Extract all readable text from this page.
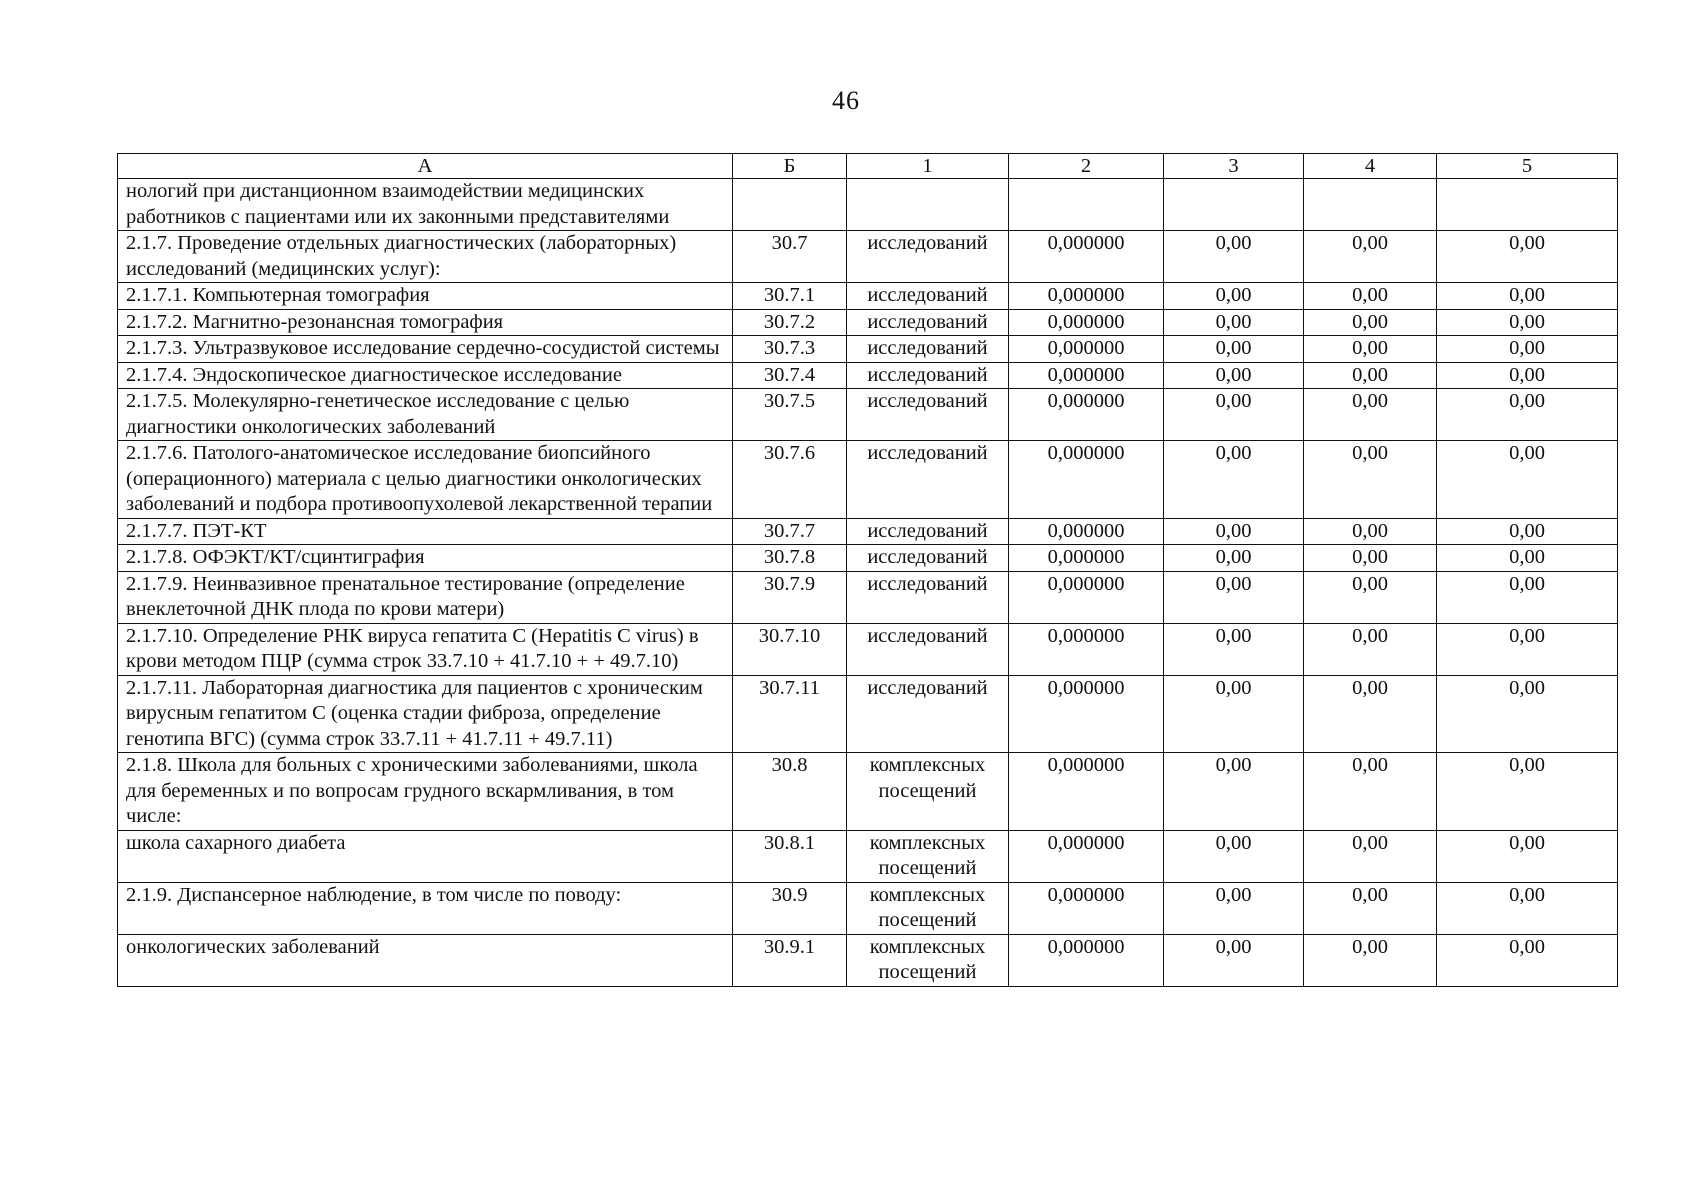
46
А	Б	1	2	3	4	5
нологий при дистанционном взаимодействии медицинских работников с пациентами или их законными представителями						
2.1.7. Проведение отдельных диагностических (лабораторных) исследований (медицинских услуг):	30.7	исследований	0,000000	0,00	0,00	0,00
2.1.7.1. Компьютерная томография	30.7.1	исследований	0,000000	0,00	0,00	0,00
2.1.7.2. Магнитно-резонансная томография	30.7.2	исследований	0,000000	0,00	0,00	0,00
2.1.7.3. Ультразвуковое исследование сердечно-сосудистой системы	30.7.3	исследований	0,000000	0,00	0,00	0,00
2.1.7.4. Эндоскопическое диагностическое исследование	30.7.4	исследований	0,000000	0,00	0,00	0,00
2.1.7.5. Молекулярно-генетическое исследование с целью диагностики онкологических заболеваний	30.7.5	исследований	0,000000	0,00	0,00	0,00
2.1.7.6. Патолого-анатомическое исследование биопсийного (операционного) материала с целью диагностики онкологических заболеваний и подбора противоопухолевой лекарственной терапии	30.7.6	исследований	0,000000	0,00	0,00	0,00
2.1.7.7. ПЭТ-КТ	30.7.7	исследований	0,000000	0,00	0,00	0,00
2.1.7.8. ОФЭКТ/КТ/сцинтиграфия	30.7.8	исследований	0,000000	0,00	0,00	0,00
2.1.7.9. Неинвазивное пренатальное тестирование (определение внеклеточной ДНК плода по крови матери)	30.7.9	исследований	0,000000	0,00	0,00	0,00
2.1.7.10. Определение РНК вируса гепатита С (Hepatitis C virus) в крови методом ПЦР (сумма строк 33.7.10 + 41.7.10 + + 49.7.10)	30.7.10	исследований	0,000000	0,00	0,00	0,00
2.1.7.11. Лабораторная диагностика для пациентов с хроническим вирусным гепатитом С (оценка стадии фиброза, определение генотипа ВГС) (сумма строк 33.7.11 + 41.7.11 + 49.7.11)	30.7.11	исследований	0,000000	0,00	0,00	0,00
2.1.8. Школа для больных с хроническими заболеваниями, школа для беременных и по вопросам грудного вскармливания, в том числе:	30.8	комплексных посещений	0,000000	0,00	0,00	0,00
школа сахарного диабета	30.8.1	комплексных посещений	0,000000	0,00	0,00	0,00
2.1.9. Диспансерное наблюдение, в том числе по поводу:	30.9	комплексных посещений	0,000000	0,00	0,00	0,00
онкологических заболеваний	30.9.1	комплексных посещений	0,000000	0,00	0,00	0,00
